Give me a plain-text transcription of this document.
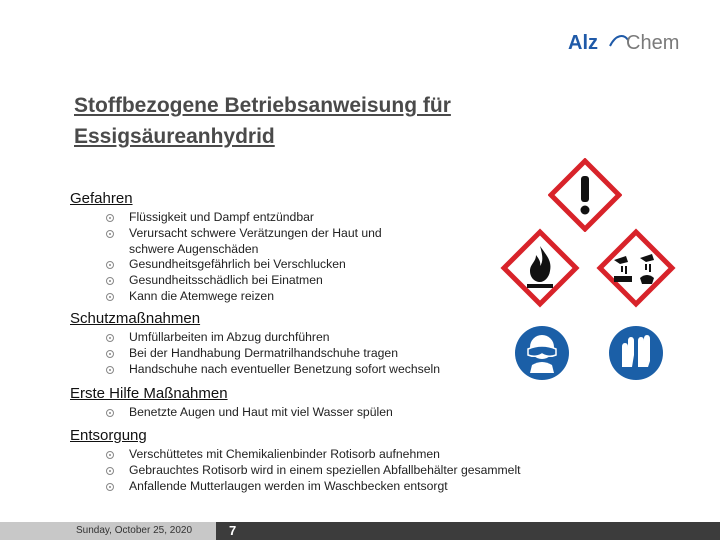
Alz Chem
Stoffbezogene Betriebsanweisung für Essigsäureanhydrid
Gefahren
Flüssigkeit und Dampf entzündbar
Verursacht schwere Verätzungen der Haut und schwere Augenschäden
Gesundheitsgefährlich bei Verschlucken
Gesundheitsschädlich bei Einatmen
Kann die Atemwege reizen
Schutzmaßnahmen
Umfüllarbeiten im Abzug durchführen
Bei der Handhabung Dermatrilhandschuhe tragen
Handschuhe nach eventueller Benetzung sofort wechseln
Erste Hilfe Maßnahmen
Benetzte Augen und Haut mit viel Wasser spülen
Entsorgung
Verschüttetes mit Chemikalienbinder Rotisorb aufnehmen
Gebrauchtes Rotisorb wird in einem speziellen Abfallbehälter gesammelt
Anfallende Mutterlaugen werden im Waschbecken entsorgt
Sunday, October 25, 2020	7
